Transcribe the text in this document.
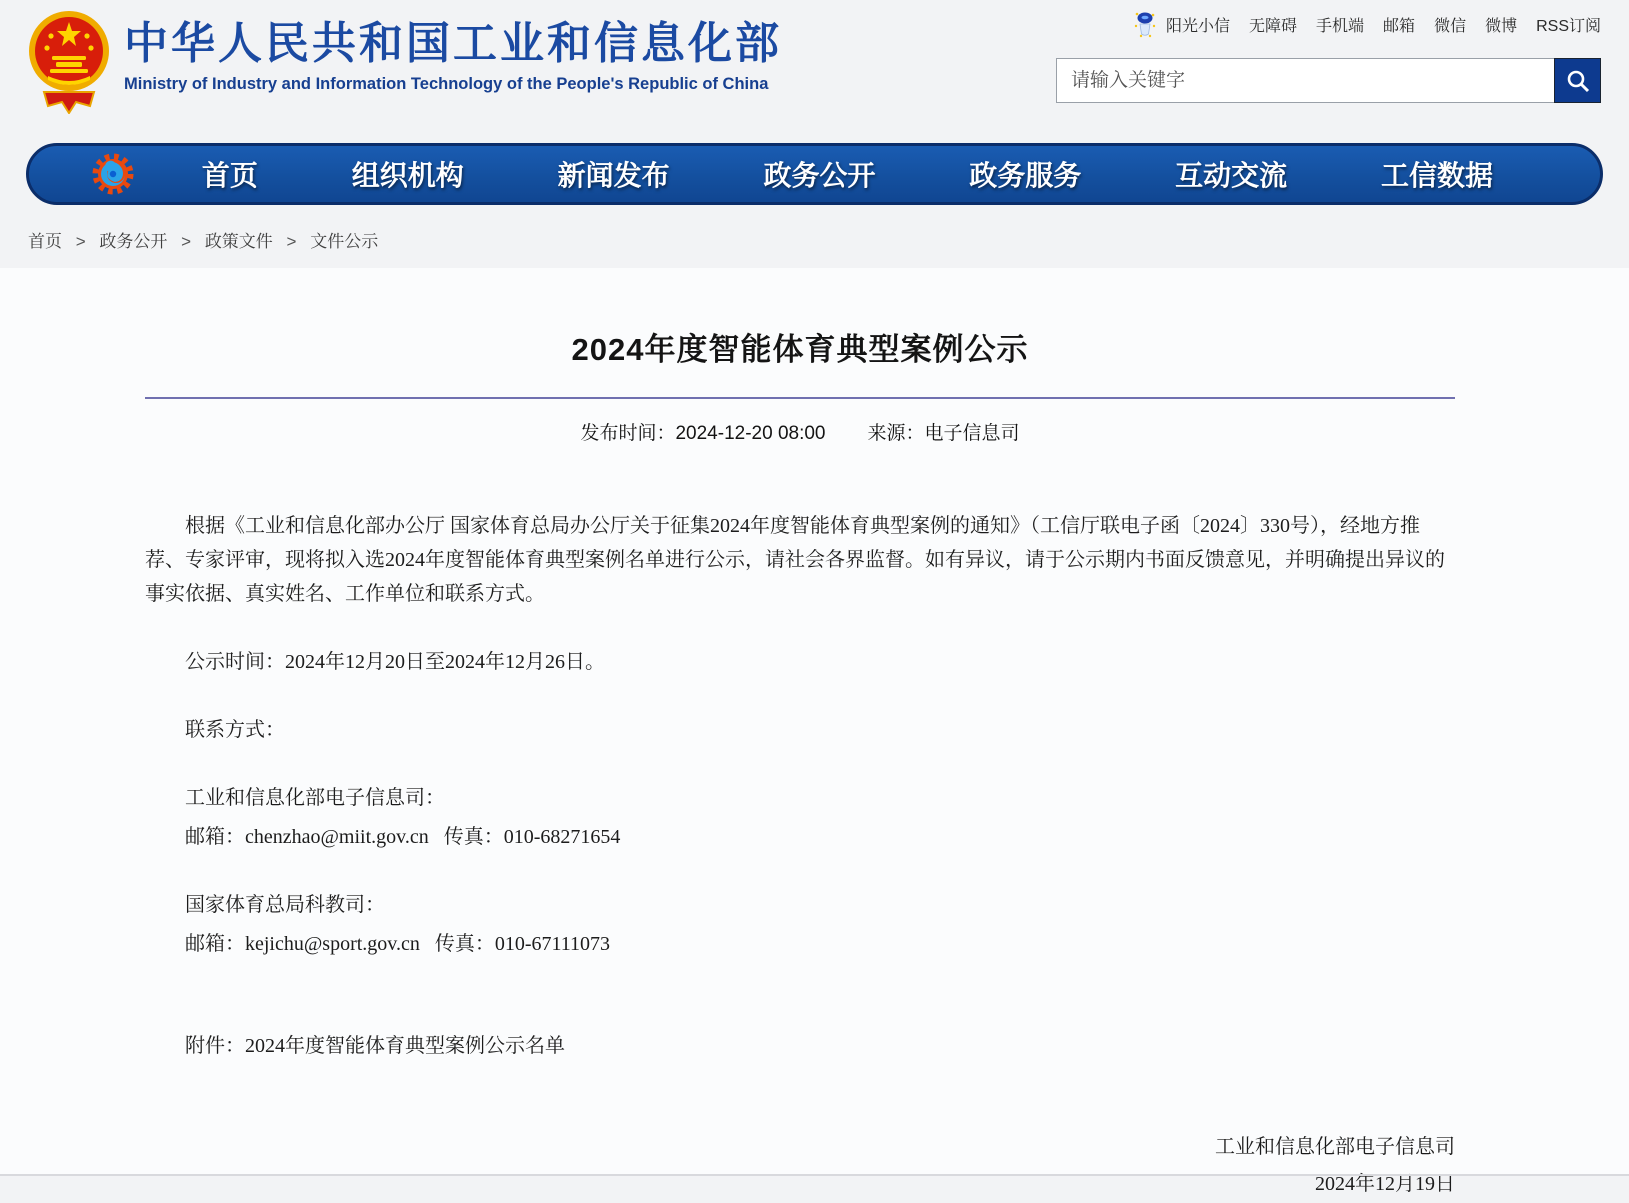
中华人民共和国工业和信息化部
Ministry of Industry and Information Technology of the People's Republic of China
阳光小信 无障碍 手机端 邮箱 微信 微博 RSS订阅
请输入关键字
首页	组织机构	新闻发布	政务公开	政务服务	互动交流	工信数据
首页 > 政务公开 > 政策文件 > 文件公示
2024年度智能体育典型案例公示
发布时间：2024-12-20 08:00 来源：电子信息司
根据《工业和信息化部办公厅 国家体育总局办公厅关于征集2024年度智能体育典型案例的通知》（工信厅联电子函〔2024〕330号），经地方推荐、专家评审，现将拟入选2024年度智能体育典型案例名单进行公示，请社会各界监督。如有异议，请于公示期内书面反馈意见，并明确提出异议的事实依据、真实姓名、工作单位和联系方式。
公示时间：2024年12月20日至2024年12月26日。
联系方式：
工业和信息化部电子信息司：
邮箱：chenzhao@miit.gov.cn   传真：010-68271654
国家体育总局科教司：
邮箱：kejichu@sport.gov.cn   传真：010-67111073

附件：2024年度智能体育典型案例公示名单

工业和信息化部电子信息司
2024年12月19日
